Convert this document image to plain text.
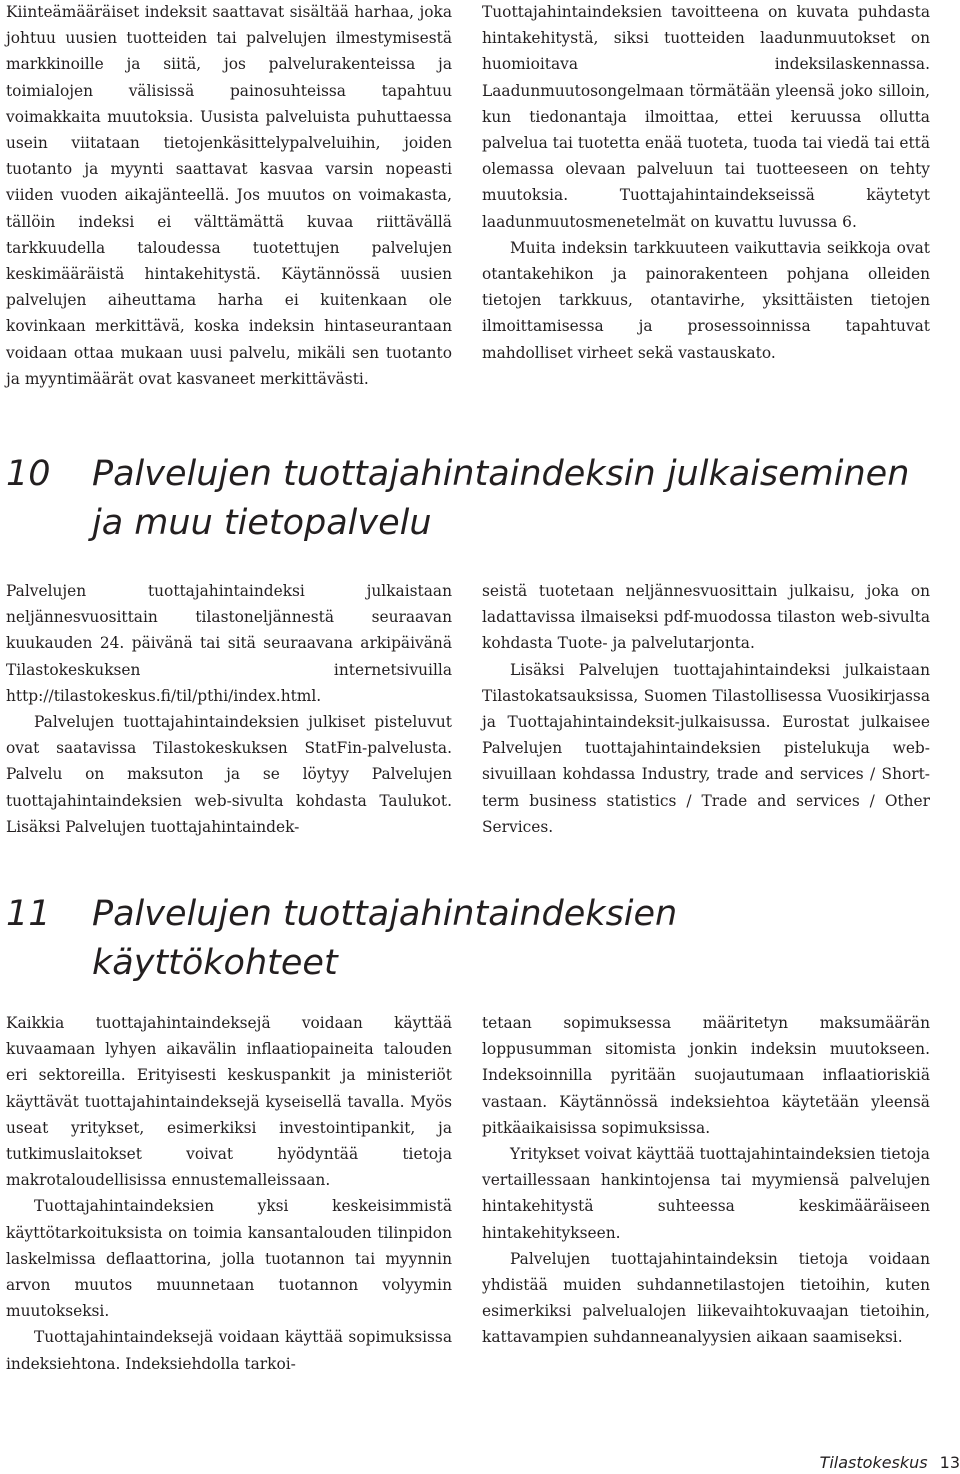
Kiinteämääräiset indeksit saattavat sisältää harhaa, joka johtuu uusien tuotteiden tai palvelujen ilmestymisestä markkinoille ja siitä, jos palvelurakenteissa ja toimialojen välisissä painosuhteissa tapahtuu voimakkaita muutoksia. Uusista palveluista puhuttaessa usein viitataan tietojenkäsittelypalveluihin, joiden tuotanto ja myynti saattavat kasvaa varsin nopeasti viiden vuoden aikajänteellä. Jos muutos on voimakasta, tällöin indeksi ei välttämättä kuvaa riittävällä tarkkuudella taloudessa tuotettujen palvelujen keskimääräistä hintakehitystä. Käytännössä uusien palvelujen aiheuttama harha ei kuitenkaan ole kovinkaan merkittävä, koska indeksin hintaseurantaan voidaan ottaa mukaan uusi palvelu, mikäli sen tuotanto ja myyntimäärät ovat kasvaneet merkittävästi.

Tuottajahintaindeksien tavoitteena on kuvata puhdasta hintakehitystä, siksi tuotteiden laadunmuutokset on huomioitava indeksilaskennassa. Laadunmuutosongelmaan törmätään yleensä joko silloin, kun tiedonantaja ilmoittaa, ettei keruussa ollutta palvelua tai tuotetta enää tuoteta, tuoda tai viedä tai että olemassa olevaan palveluun tai tuotteeseen on tehty muutoksia. Tuottajahintaindekseissä käytetyt laadunmuutosmenetelmät on kuvattu luvussa 6.

Muita indeksin tarkkuuteen vaikuttavia seikkoja ovat otantakehikon ja painorakenteen pohjana olleiden tietojen tarkkuus, otantavirhe, yksittäisten tietojen ilmoittamisessa ja prosessoinnissa tapahtuvat mahdolliset virheet sekä vastauskato.

10 Palvelujen tuottajahintaindeksin julkaiseminen ja muu tietopalvelu

Palvelujen tuottajahintaindeksi julkaistaan neljännesvuosittain tilastoneljännestä seuraavan kuukauden 24. päivänä tai sitä seuraavana arkipäivänä Tilastokeskuksen internetsivuilla http://tilastokeskus.fi/til/pthi/index.html.

Palvelujen tuottajahintaindeksien julkiset pisteluvut ovat saatavissa Tilastokeskuksen StatFin-palvelusta. Palvelu on maksuton ja se löytyy Palvelujen tuottajahintaindeksien web-sivulta kohdasta Taulukot. Lisäksi Palvelujen tuottajahintaindek-

seistä tuotetaan neljännesvuosittain julkaisu, joka on ladattavissa ilmaiseksi pdf-muodossa tilaston web-sivulta kohdasta Tuote- ja palvelutarjonta.

Lisäksi Palvelujen tuottajahintaindeksi julkaistaan Tilastokatsauksissa, Suomen Tilastollisessa Vuosikirjassa ja Tuottajahintaindeksit-julkaisussa. Eurostat julkaisee Palvelujen tuottajahintaindeksien pistelukuja web-sivuillaan kohdassa Industry, trade and services / Short-term business statistics / Trade and services / Other Services.

11 Palvelujen tuottajahintaindeksien käyttökohteet

Kaikkia tuottajahintaindeksejä voidaan käyttää kuvaamaan lyhyen aikavälin inflaatiopaineita talouden eri sektoreilla. Erityisesti keskuspankit ja ministeriöt käyttävät tuottajahintaindeksejä kyseisellä tavalla. Myös useat yritykset, esimerkiksi investointipankit, ja tutkimuslaitokset voivat hyödyntää tietoja makrotaloudellisissa ennustemalleissaan.

Tuottajahintaindeksien yksi keskeisimmistä käyttötarkoituksista on toimia kansantalouden tilinpidon laskelmissa deflaattorina, jolla tuotannon tai myynnin arvon muutos muunnetaan tuotannon volyymin muutokseksi.

Tuottajahintaindeksejä voidaan käyttää sopimuksissa indeksiehtona. Indeksiehdolla tarkoi-

tetaan sopimuksessa määritetyn maksumäärän loppusumman sitomista jonkin indeksin muutokseen. Indeksoinnilla pyritään suojautumaan inflaatioriskiä vastaan. Käytännössä indeksiehtoa käytetään yleensä pitkäaikaisissa sopimuksissa.

Yritykset voivat käyttää tuottajahintaindeksien tietoja vertaillessaan hankintojensa tai myymiensä palvelujen hintakehitystä suhteessa keskimääräiseen hintakehitykseen.

Palvelujen tuottajahintaindeksin tietoja voidaan yhdistää muiden suhdannetilastojen tietoihin, kuten esimerkiksi palvelualojen liikevaihtokuvaajan tietoihin, kattavampien suhdanneanalyysien aikaan saamiseksi.

Tilastokeskus 13
